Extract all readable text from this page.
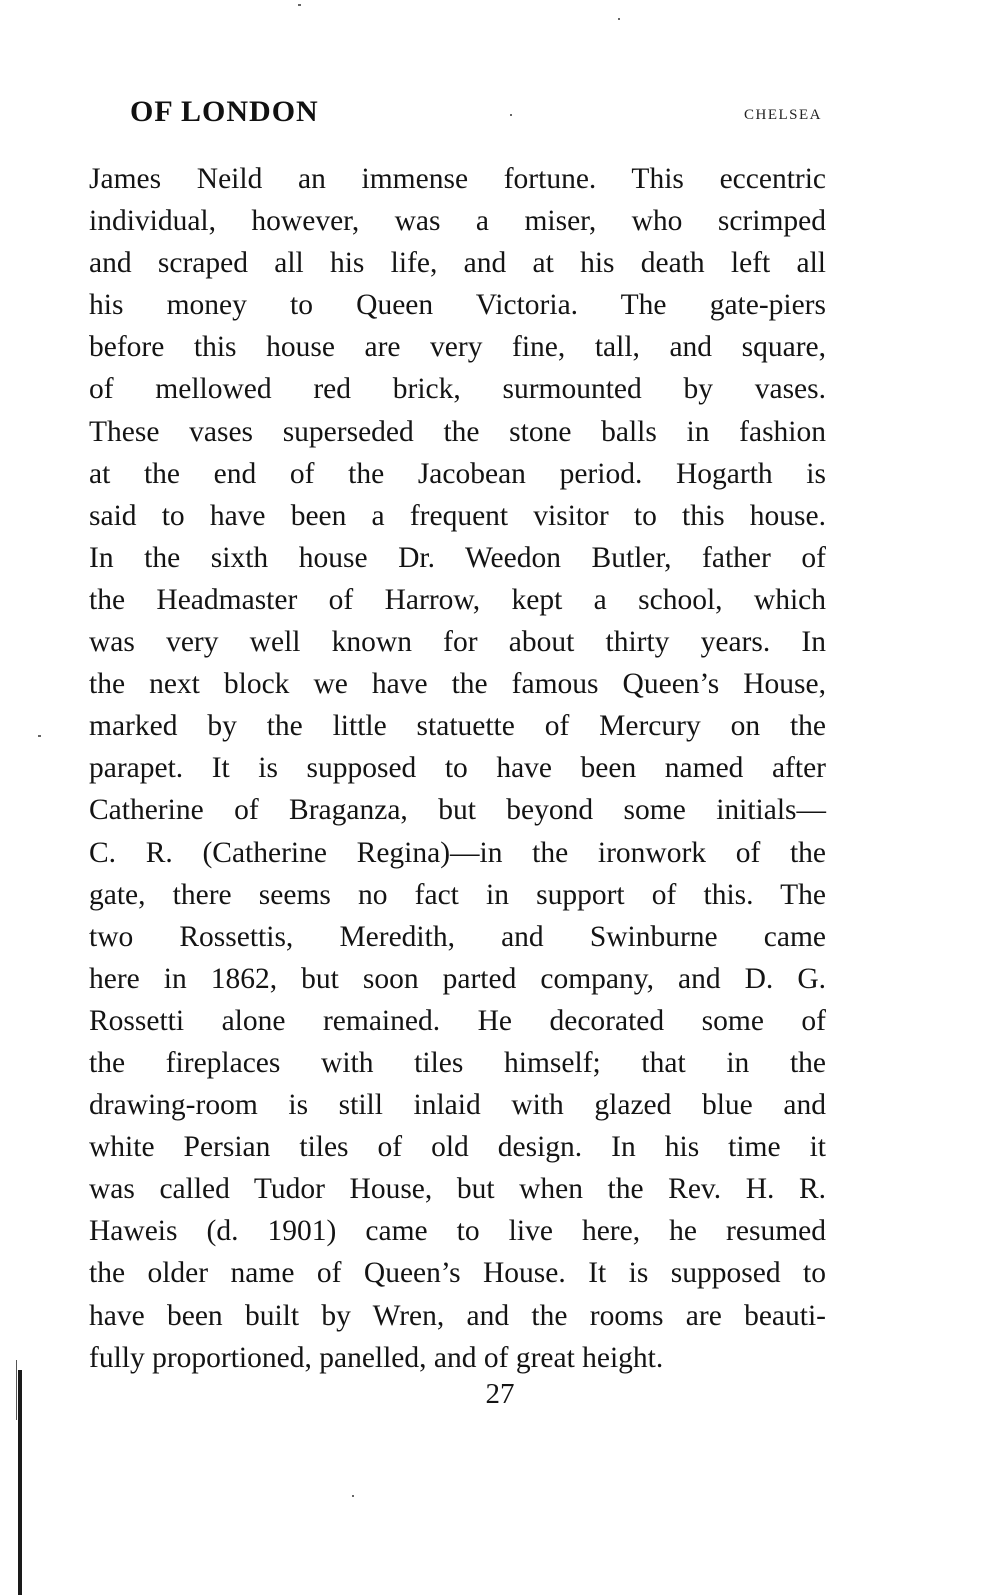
OF LONDON	CHELSEA
James Neild an immense fortune. This eccentric
individual, however, was a miser, who scrimped
and scraped all his life, and at his death left all
his money to Queen Victoria. The gate-piers
before this house are very fine, tall, and square,
of mellowed red brick, surmounted by vases.
These vases superseded the stone balls in fashion
at the end of the Jacobean period. Hogarth is
said to have been a frequent visitor to this house.
In the sixth house Dr. Weedon Butler, father of
the Headmaster of Harrow, kept a school, which
was very well known for about thirty years. In
the next block we have the famous Queen’s House,
marked by the little statuette of Mercury on the
parapet. It is supposed to have been named after
Catherine of Braganza, but beyond some initials—
C. R. (Catherine Regina)—in the ironwork of the
gate, there seems no fact in support of this. The
two Rossettis, Meredith, and Swinburne came
here in 1862, but soon parted company, and D. G.
Rossetti alone remained. He decorated some of
the fireplaces with tiles himself; that in the
drawing-room is still inlaid with glazed blue and
white Persian tiles of old design. In his time it
was called Tudor House, but when the Rev. H. R.
Haweis (d. 1901) came to live here, he resumed
the older name of Queen’s House. It is supposed to
have been built by Wren, and the rooms are beauti-
fully proportioned, panelled, and of great height.
27
